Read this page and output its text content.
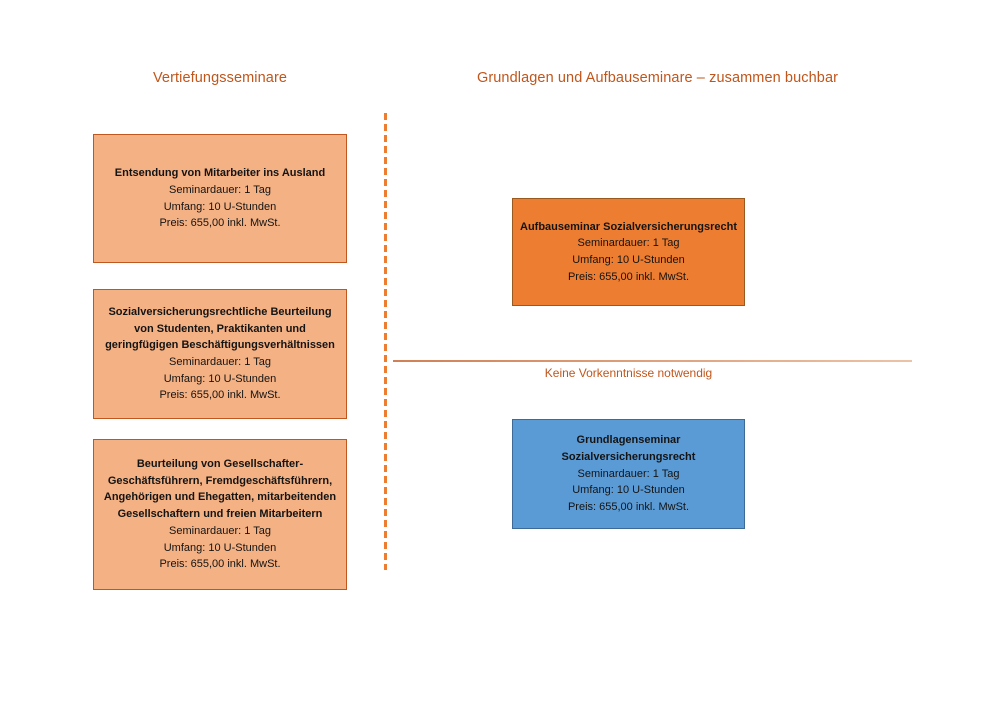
Vertiefungsseminare	Grundlagen und Aufbauseminare – zusammen buchbar
Entsendung von Mitarbeiter ins Ausland
Seminardauer: 1 Tag
Umfang: 10 U-Stunden
Preis: 655,00 inkl. MwSt.
Sozialversicherungsrechtliche Beurteilung von Studenten, Praktikanten und geringfügigen Beschäftigungsverhältnissen
Seminardauer: 1 Tag
Umfang: 10 U-Stunden
Preis: 655,00 inkl. MwSt.
Beurteilung von Gesellschafter-Geschäftsführern, Fremdgeschäftsführern, Angehörigen und Ehegatten, mitarbeitenden Gesellschaftern und freien Mitarbeitern
Seminardauer: 1 Tag
Umfang: 10 U-Stunden
Preis: 655,00 inkl. MwSt.
Aufbauseminar Sozialversicherungsrecht
Seminardauer: 1 Tag
Umfang: 10 U-Stunden
Preis: 655,00 inkl. MwSt.
Keine Vorkenntnisse notwendig
Grundlagenseminar Sozialversicherungsrecht
Seminardauer: 1 Tag
Umfang: 10 U-Stunden
Preis: 655,00 inkl. MwSt.
